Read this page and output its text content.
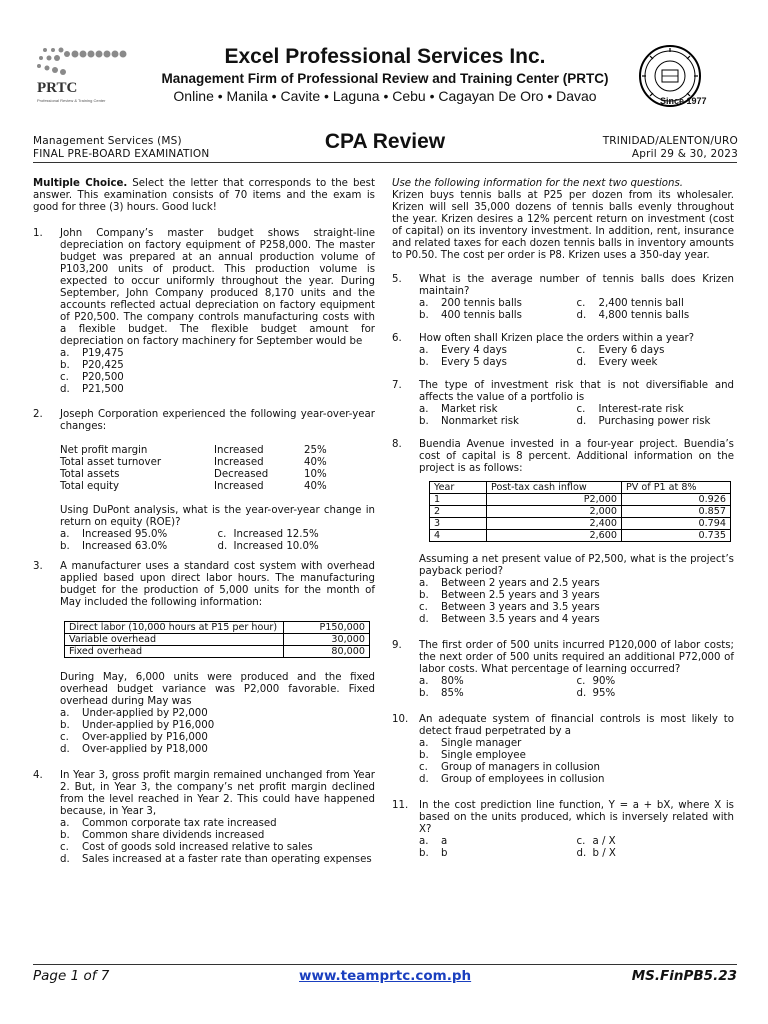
PRTC
Professional Review & Training Center
Excel Professional Services Inc.
Management Firm of Professional Review and Training Center (PRTC)
Online • Manila • Cavite • Laguna • Cebu • Cagayan De Oro • Davao	Since 1977
Management Services (MS)
FINAL PRE-BOARD EXAMINATION
CPA Review	TRINIDAD/ALENTON/URO
April 29 & 30, 2023

Multiple Choice. Select the letter that corresponds to the best answer. This examination consists of 70 items and the exam is good for three (3) hours. Good luck!

1.	John Company’s master budget shows straight-line depreciation on factory equipment of P258,000. The master budget was prepared at an annual production volume of P103,200 units of product. This production volume is expected to occur uniformly throughout the year. During September, John Company produced 8,170 units and the accounts reflected actual depreciation on factory equipment of P20,500. The company controls manufacturing costs with a flexible budget. The flexible budget amount for depreciation on factory machinery for September would be

a.	P19,475
b.	P20,425
c.	P20,500
d.	P21,500
2.	Joseph Corporation experienced the following year-over-year changes:

Net profit margin	Increased	25%
Total asset turnover	Increased	40%
Total assets	Decreased	10%
Total equity	Increased	40%

Using DuPont analysis, what is the year-over-year change in return on equity (ROE)?

a.	Increased 95.0%	c. Increased 12.5%
b.	Increased 63.0%	d. Increased 10.0%
3.	A manufacturer uses a standard cost system with overhead applied based upon direct labor hours. The manufacturing budget for the production of 5,000 units for the month of May included the following information:

Direct labor (10,000 hours at P15 per hour)	P150,000
Variable overhead	30,000
Fixed overhead	80,000

During May, 6,000 units were produced and the fixed overhead budget variance was P2,000 favorable. Fixed overhead during May was

a.	Under-applied by P2,000
b.	Under-applied by P16,000
c.	Over-applied by P16,000
d.	Over-applied by P18,000
4.	In Year 3, gross profit margin remained unchanged from Year 2. But, in Year 3, the company’s net profit margin declined from the level reached in Year 2. This could have happened because, in Year 3,

a.	Common corporate tax rate increased
b.	Common share dividends increased
c.	Cost of goods sold increased relative to sales
d.	Sales increased at a faster rate than operating expenses

Use the following information for the next two questions.

Krizen buys tennis balls at P25 per dozen from its wholesaler. Krizen will sell 35,000 dozens of tennis balls evenly throughout the year. Krizen desires a 12% percent return on investment (cost of capital) on its inventory investment. In addition, rent, insurance and related taxes for each dozen tennis balls in inventory amounts to P0.50. The cost per order is P8. Krizen uses a 350-day year.

5.	What is the average number of tennis balls does Krizen maintain?

a.	200 tennis balls	c.	2,400 tennis ball
b.	400 tennis balls	d.	4,800 tennis balls
6.	How often shall Krizen place the orders within a year?

a.	Every 4 days	c.	Every 6 days
b.	Every 5 days	d.	Every week
7.	The type of investment risk that is not diversifiable and affects the value of a portfolio is

a.	Market risk	c.	Interest-rate risk
b.	Nonmarket risk	d.	Purchasing power risk
8.	Buendia Avenue invested in a four-year project. Buendia’s cost of capital is 8 percent. Additional information on the project is as follows:

Year	Post-tax cash inflow	PV of P1 at 8%
1	P2,000	0.926
2	2,000	0.857
3	2,400	0.794
4	2,600	0.735

Assuming a net present value of P2,500, what is the project’s payback period?

a.	Between 2 years and 2.5 years
b.	Between 2.5 years and 3 years
c.	Between 3 years and 3.5 years
d.	Between 3.5 years and 4 years
9.	The first order of 500 units incurred P120,000 of labor costs; the next order of 500 units required an additional P72,000 of labor costs. What percentage of learning occurred?

a.	80%	c. 90%
b.	85%	d. 95%
10.	An adequate system of financial controls is most likely to detect fraud perpetrated by a

a.	Single manager
b.	Single employee
c.	Group of managers in collusion
d.	Group of employees in collusion
11.	In the cost prediction line function, Y = a + bX, where X is based on the units produced, which is inversely related with X?

a.	a	c. a / X
b.	b	d. b / X
Page 1 of 7	www.teamprtc.com.ph	MS.FinPB5.23
